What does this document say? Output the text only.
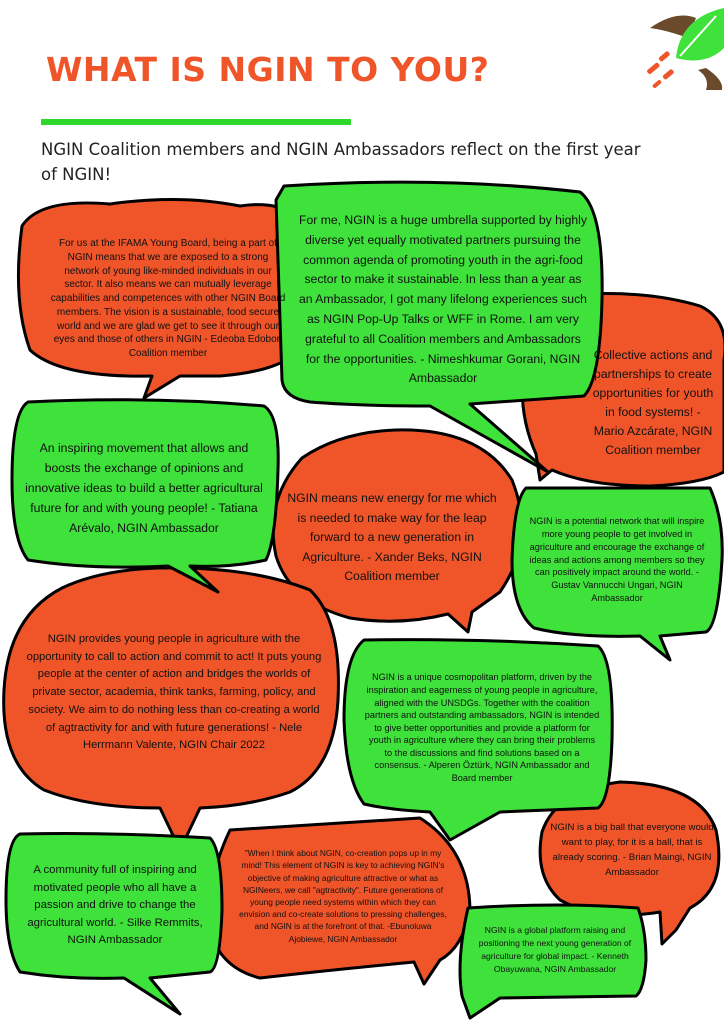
WHAT IS NGIN TO YOU?

NGIN Coalition members and NGIN Ambassadors reflect on the first year of NGIN!

For us at the IFAMA Young Board, being a part of NGIN means that we are exposed to a strong network of young like-minded individuals in our sector. It also means we can mutually leverage capabilities and competences with other NGIN Board members. The vision is a sustainable, food secure world and we are glad we get to see it through our eyes and those of others in NGIN - Edeoba Edobor, Coalition member

For me, NGIN is a huge umbrella supported by highly diverse yet equally motivated partners pursuing the common agenda of promoting youth in the agri-food sector to make it sustainable. In less than a year as an Ambassador, I got many lifelong experiences such as NGIN Pop-Up Talks or WFF in Rome. I am very grateful to all Coalition members and Ambassadors for the opportunities. - Nimeshkumar Gorani, NGIN Ambassador

Collective actions and partnerships to create opportunities for youth in food systems! - Mario Azcárate, NGIN Coalition member

An inspiring movement that allows and boosts the exchange of opinions and innovative ideas to build a better agricultural future for and with young people! - Tatiana Arévalo, NGIN Ambassador

NGIN means new energy for me which is needed to make way for the leap forward to a new generation in Agriculture. - Xander Beks, NGIN Coalition member

NGIN is a potential network that will inspire more young people to get involved in agriculture and encourage the exchange of ideas and actions among members so they can positively impact around the world. - Gustav Vannucchi Ungari, NGIN Ambassador

NGIN provides young people in agriculture with the opportunity to call to action and commit to act! It puts young people at the center of action and bridges the worlds of private sector, academia, think tanks, farming, policy, and society. We aim to do nothing less than co-creating a world of agtractivity for and with future generations! - Nele Herrmann Valente, NGIN Chair 2022

NGIN is a unique cosmopolitan platform, driven by the inspiration and eagerness of young people in agriculture, aligned with the UNSDGs. Together with the coalition partners and outstanding ambassadors, NGIN is intended to give better opportunities and provide a platform for youth in agriculture where they can bring their problems to the discussions and find solutions based on a consensus. - Alperen Öztürk, NGIN Ambassador and Board member

NGIN is a big ball that everyone would want to play, for it is a ball, that is already scoring. - Brian Maingi, NGIN Ambassador

A community full of inspiring and motivated people who all have a passion and drive to change the agricultural world. - Silke Remmits, NGIN Ambassador

"When I think about NGIN, co-creation pops up in my mind! This element of NGIN is key to achieving NGIN's objective of making agriculture attractive or what as NGINeers, we call "agtractivity". Future generations of young people need systems within which they can envision and co-create solutions to pressing challenges, and NGIN is at the forefront of that. -Ebunoluwa Ajobiewe, NGIN Ambassador

NGIN is a global platform raising and positioning the next young generation of agriculture for global impact. - Kenneth Obayuwana, NGIN Ambassador
